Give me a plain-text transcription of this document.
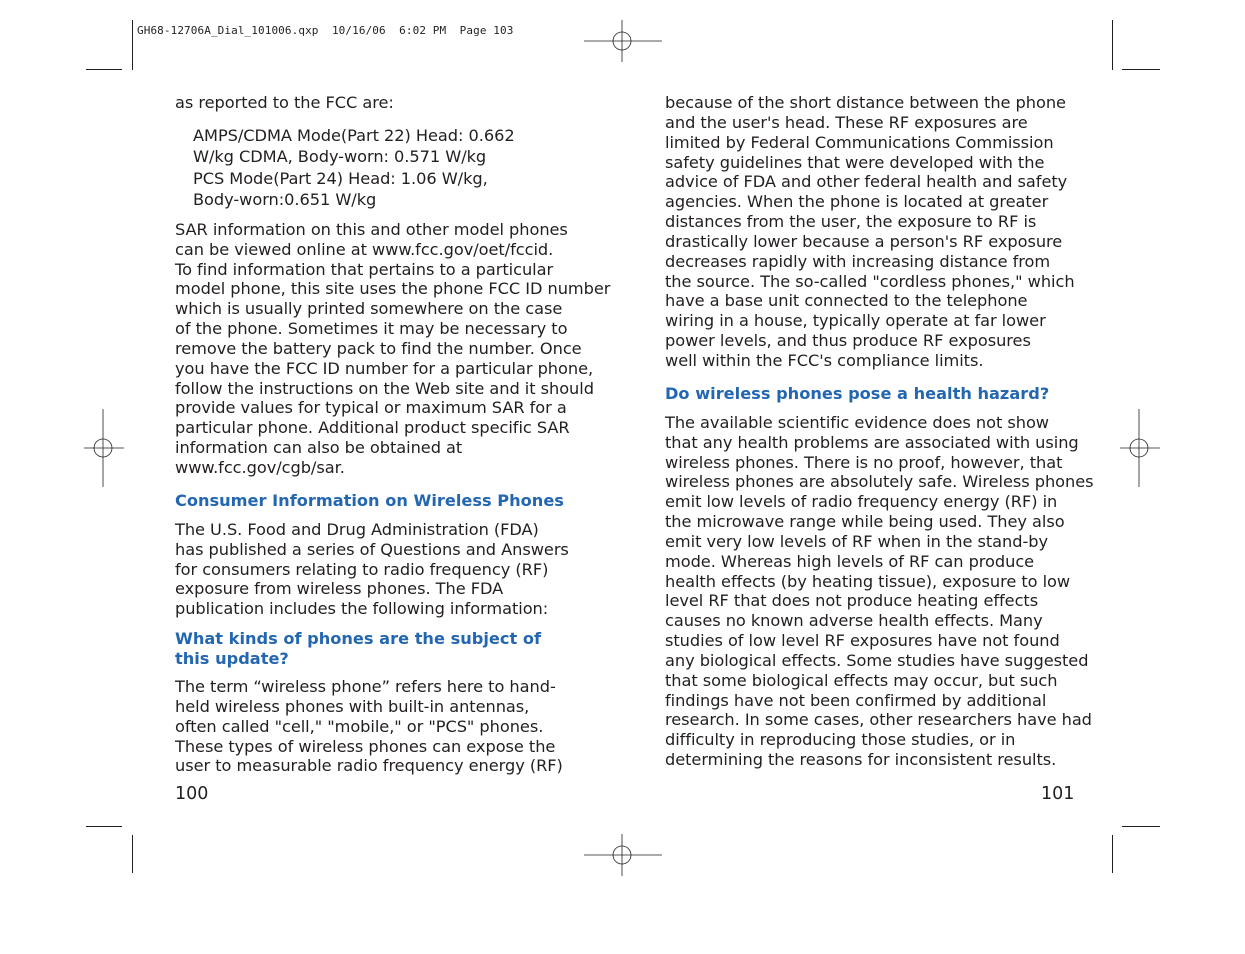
GH68-12706A_Dial_101006.qxp  10/16/06  6:02 PM  Page 103

as reported to the FCC are:

AMPS/CDMA Mode(Part 22) Head: 0.662
W/kg CDMA, Body-worn: 0.571 W/kg
PCS Mode(Part 24) Head: 1.06 W/kg,
Body-worn:0.651 W/kg

SAR information on this and other model phones
can be viewed online at www.fcc.gov/oet/fccid.
To find information that pertains to a particular
model phone, this site uses the phone FCC ID number
which is usually printed somewhere on the case
of the phone. Sometimes it may be necessary to
remove the battery pack to find the number. Once
you have the FCC ID number for a particular phone,
follow the instructions on the Web site and it should
provide values for typical or maximum SAR for a
particular phone. Additional product specific SAR
information can also be obtained at
www.fcc.gov/cgb/sar.

Consumer Information on Wireless Phones

The U.S. Food and Drug Administration (FDA)
has published a series of Questions and Answers
for consumers relating to radio frequency (RF)
exposure from wireless phones. The FDA
publication includes the following information:

What kinds of phones are the subject of
this update?

The term “wireless phone” refers here to hand-
held wireless phones with built-in antennas,
often called "cell," "mobile," or "PCS" phones.
These types of wireless phones can expose the
user to measurable radio frequency energy (RF)

100

because of the short distance between the phone
and the user's head. These RF exposures are
limited by Federal Communications Commission
safety guidelines that were developed with the
advice of FDA and other federal health and safety
agencies. When the phone is located at greater
distances from the user, the exposure to RF is
drastically lower because a person's RF exposure
decreases rapidly with increasing distance from
the source. The so-called "cordless phones," which
have a base unit connected to the telephone
wiring in a house, typically operate at far lower
power levels, and thus produce RF exposures
well within the FCC's compliance limits.

Do wireless phones pose a health hazard?

The available scientific evidence does not show
that any health problems are associated with using
wireless phones. There is no proof, however, that
wireless phones are absolutely safe. Wireless phones
emit low levels of radio frequency energy (RF) in
the microwave range while being used. They also
emit very low levels of RF when in the stand-by
mode. Whereas high levels of RF can produce
health effects (by heating tissue), exposure to low
level RF that does not produce heating effects
causes no known adverse health effects. Many
studies of low level RF exposures have not found
any biological effects. Some studies have suggested
that some biological effects may occur, but such
findings have not been confirmed by additional
research. In some cases, other researchers have had
difficulty in reproducing those studies, or in
determining the reasons for inconsistent results.

101
